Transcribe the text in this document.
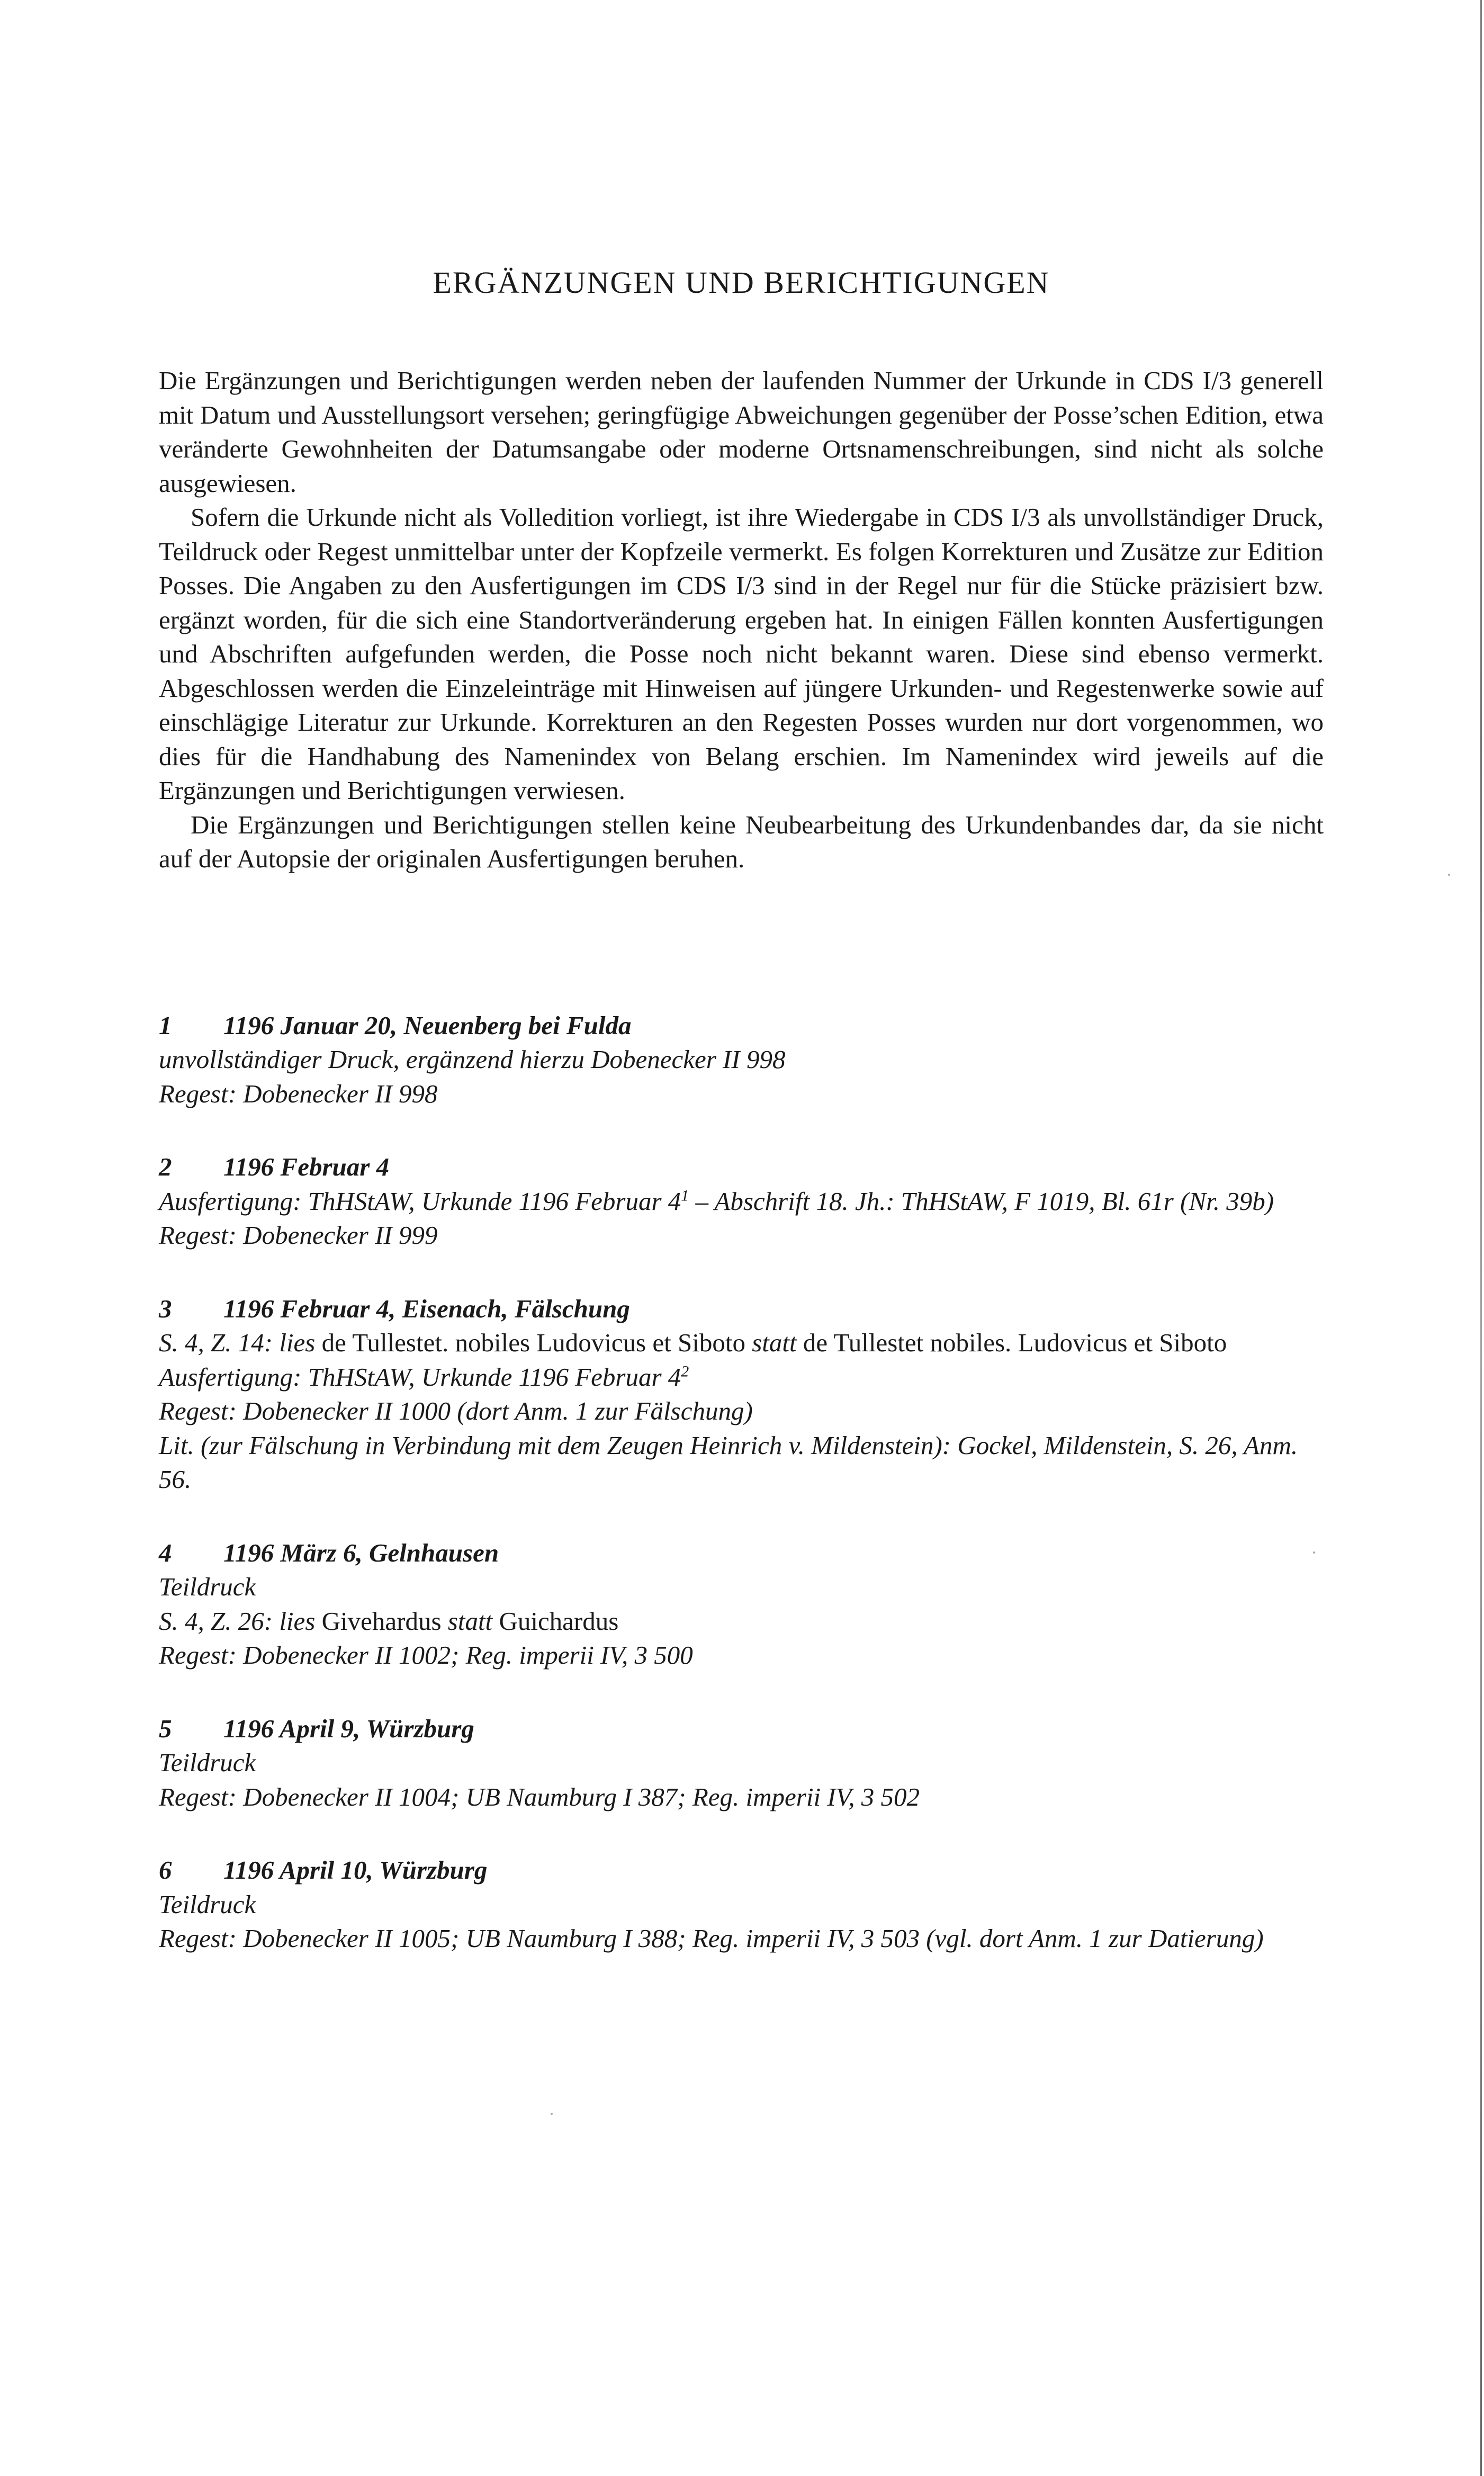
ERGÄNZUNGEN UND BERICHTIGUNGEN

Die Ergänzungen und Berichtigungen werden neben der laufenden Nummer der Urkunde in CDS I/3 generell mit Datum und Ausstellungsort versehen; geringfügige Abweichungen gegenüber der Posse’schen Edition, etwa veränderte Gewohnheiten der Datumsangabe oder moderne Ortsnamenschreibungen, sind nicht als solche ausgewiesen.

Sofern die Urkunde nicht als Volledition vorliegt, ist ihre Wiedergabe in CDS I/3 als unvollständiger Druck, Teildruck oder Regest unmittelbar unter der Kopfzeile vermerkt. Es folgen Korrekturen und Zusätze zur Edition Posses. Die Angaben zu den Ausfertigungen im CDS I/3 sind in der Regel nur für die Stücke präzisiert bzw. ergänzt worden, für die sich eine Standortveränderung ergeben hat. In einigen Fällen konnten Ausfertigungen und Abschriften aufgefunden werden, die Posse noch nicht bekannt waren. Diese sind ebenso vermerkt. Abgeschlossen werden die Einzeleinträge mit Hinweisen auf jüngere Urkunden- und Regestenwerke sowie auf einschlägige Literatur zur Urkunde. Korrekturen an den Regesten Posses wurden nur dort vorgenommen, wo dies für die Handhabung des Namenindex von Belang erschien. Im Namenindex wird jeweils auf die Ergänzungen und Berichtigungen verwiesen.

Die Ergänzungen und Berichtigungen stellen keine Neubearbeitung des Urkundenbandes dar, da sie nicht auf der Autopsie der originalen Ausfertigungen beruhen.

1 1196 Januar 20, Neuenberg bei Fulda
unvollständiger Druck, ergänzend hierzu Dobenecker II 998
Regest: Dobenecker II 998
2 1196 Februar 4
Ausfertigung: ThHStAW, Urkunde 1196 Februar $4^1$ – Abschrift 18. Jh.: ThHStAW, F 1019, Bl. 61r (Nr. 39b)
Regest: Dobenecker II 999
3 1196 Februar 4, Eisenach, Fälschung
S. 4, Z. 14: lies de Tullestet. nobiles Ludovicus et Siboto statt de Tullestet nobiles. Ludovicus et Siboto
Ausfertigung: ThHStAW, Urkunde 1196 Februar $4^2$
Regest: Dobenecker II 1000 (dort Anm. 1 zur Fälschung)
Lit. (zur Fälschung in Verbindung mit dem Zeugen Heinrich v. Mildenstein): Gockel, Mildenstein, S. 26, Anm. 56.
4 1196 März 6, Gelnhausen
Teildruck
S. 4, Z. 26: lies Givehardus statt Guichardus
Regest: Dobenecker II 1002; Reg. imperii IV, 3 500
5 1196 April 9, Würzburg
Teildruck
Regest: Dobenecker II 1004; UB Naumburg I 387; Reg. imperii IV, 3 502
6 1196 April 10, Würzburg
Teildruck
Regest: Dobenecker II 1005; UB Naumburg I 388; Reg. imperii IV, 3 503 (vgl. dort Anm. 1 zur Datierung)
